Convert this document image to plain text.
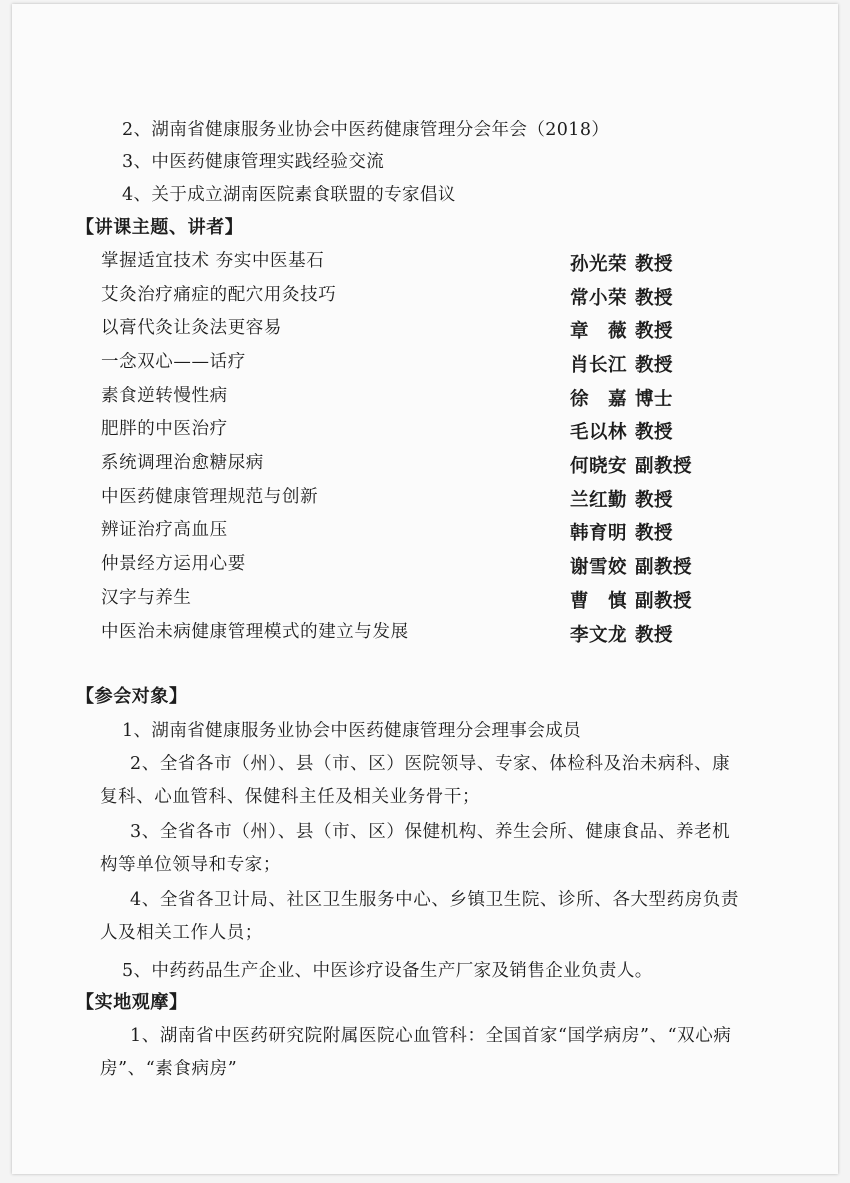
2、湖南省健康服务业协会中医药健康管理分会年会（2018）
3、中医药健康管理实践经验交流
4、关于成立湖南医院素食联盟的专家倡议
【讲课主题、讲者】
掌握适宜技术 夯实中医基石	孙光荣 教授
艾灸治疗痛症的配穴用灸技巧	常小荣 教授
以膏代灸让灸法更容易	章　薇 教授
一念双心——话疗	肖长江 教授
素食逆转慢性病	徐　嘉 博士
肥胖的中医治疗	毛以林 教授
系统调理治愈糖尿病	何晓安 副教授
中医药健康管理规范与创新	兰红勤 教授
辨证治疗高血压	韩育明 教授
仲景经方运用心要	谢雪姣 副教授
汉字与养生	曹　慎 副教授
中医治未病健康管理模式的建立与发展	李文龙 教授
【参会对象】
1、湖南省健康服务业协会中医药健康管理分会理事会成员
2、全省各市（州）、县（市、区）医院领导、专家、体检科及治未病科、康复科、心血管科、保健科主任及相关业务骨干；
3、全省各市（州）、县（市、区）保健机构、养生会所、健康食品、养老机构等单位领导和专家；
4、全省各卫计局、社区卫生服务中心、乡镇卫生院、诊所、各大型药房负责人及相关工作人员；
5、中药药品生产企业、中医诊疗设备生产厂家及销售企业负责人。
【实地观摩】
1、湖南省中医药研究院附属医院心血管科：全国首家“国学病房”、“双心病房”、“素食病房”
